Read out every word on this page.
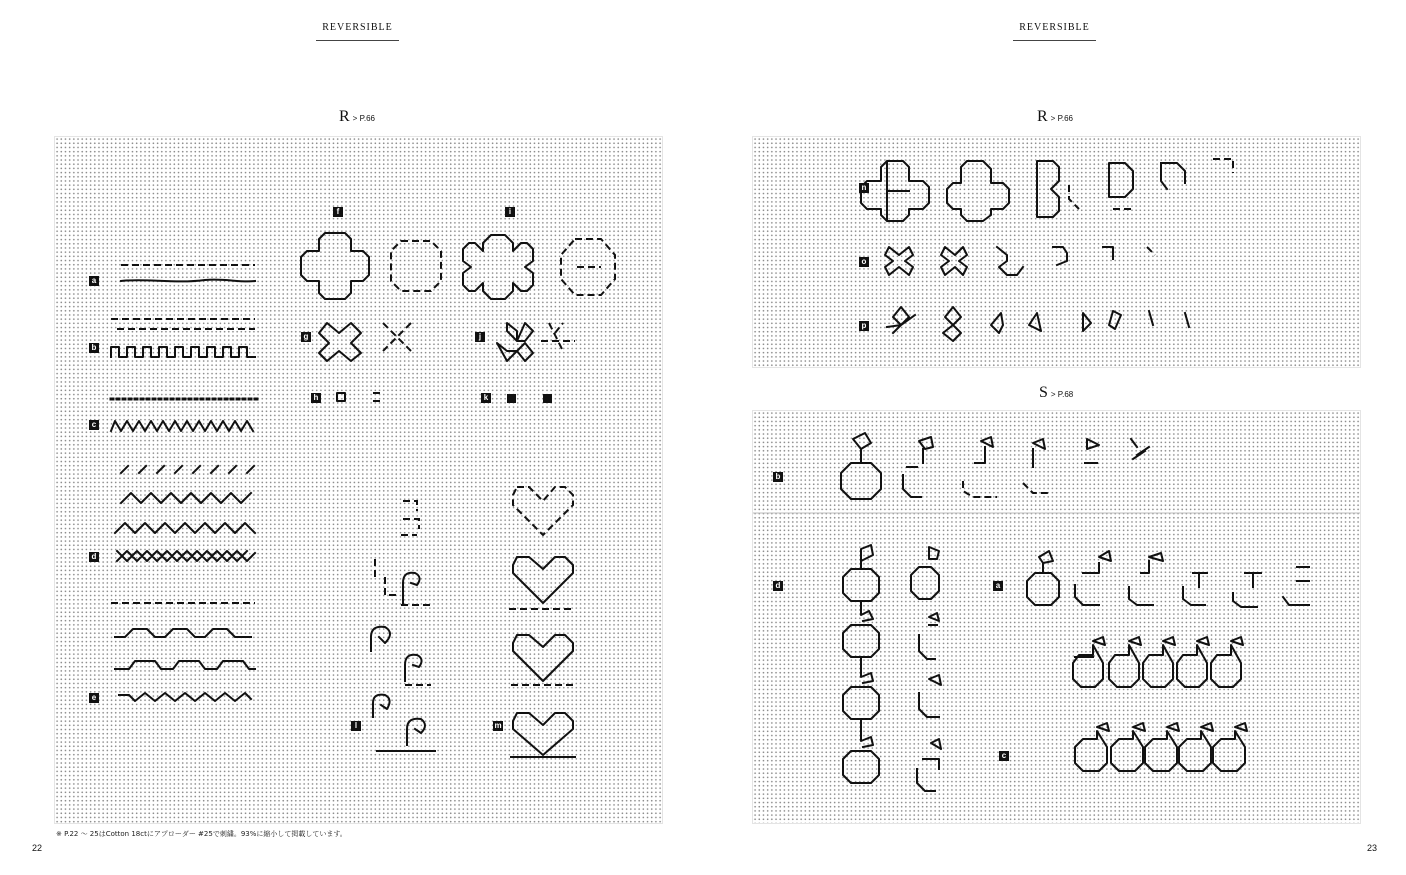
REVERSIBLE
R > P.66
a
b
c
d
e
f
g
h
i
j
k
l	m
※ P.22 〜 25はCotton 18ctにアプローダー #25で刺繍。93%に縮小して掲載しています。
22
REVERSIBLE
R > P.66
n
o
p
S > P.68
b
d	a
c
23
